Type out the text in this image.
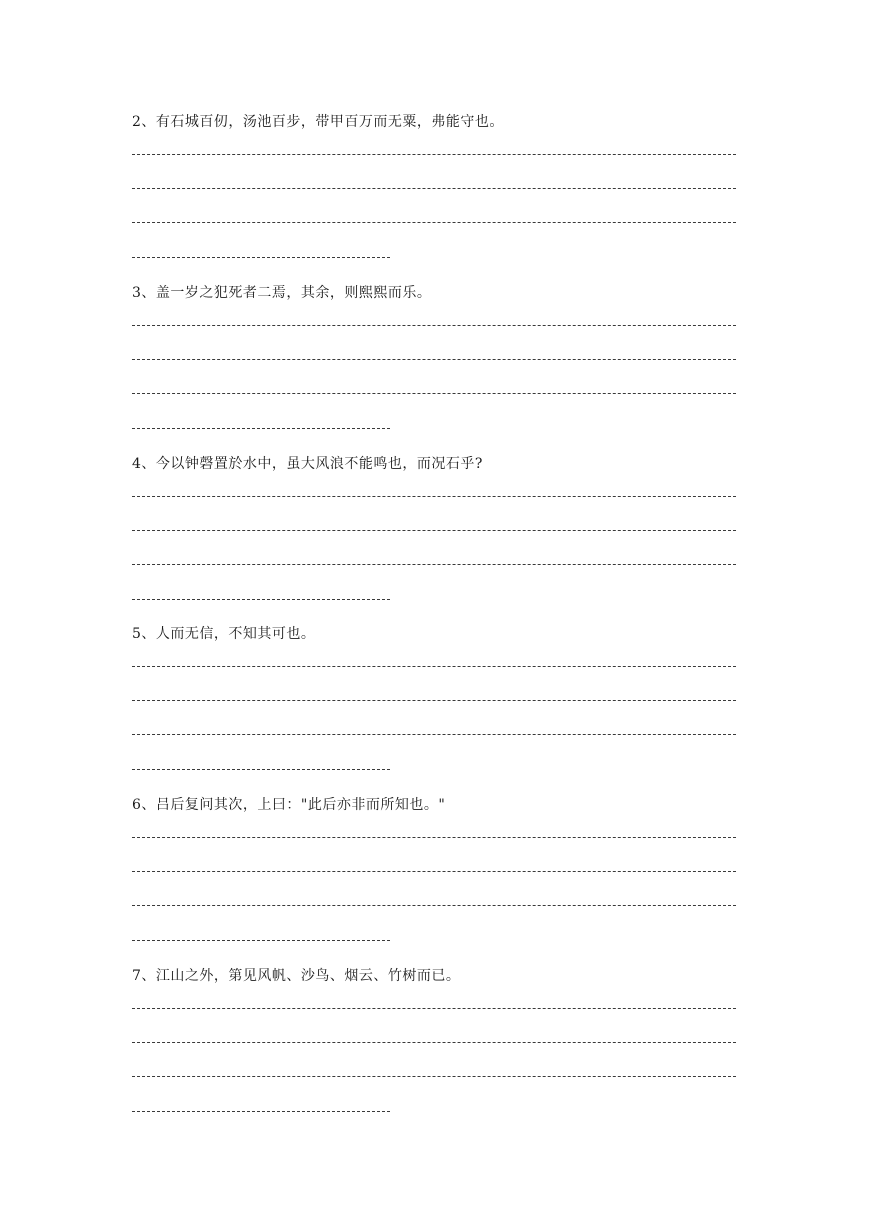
2、有石城百仞，汤池百步，带甲百万而无粟，弗能守也。
3、盖一岁之犯死者二焉，其余，则熙熙而乐。
4、今以钟磬置於水中，虽大风浪不能鸣也，而况石乎?
5、人而无信，不知其可也。
6、吕后复问其次，上曰："此后亦非而所知也。"
7、江山之外，第见风帆、沙鸟、烟云、竹树而已。
